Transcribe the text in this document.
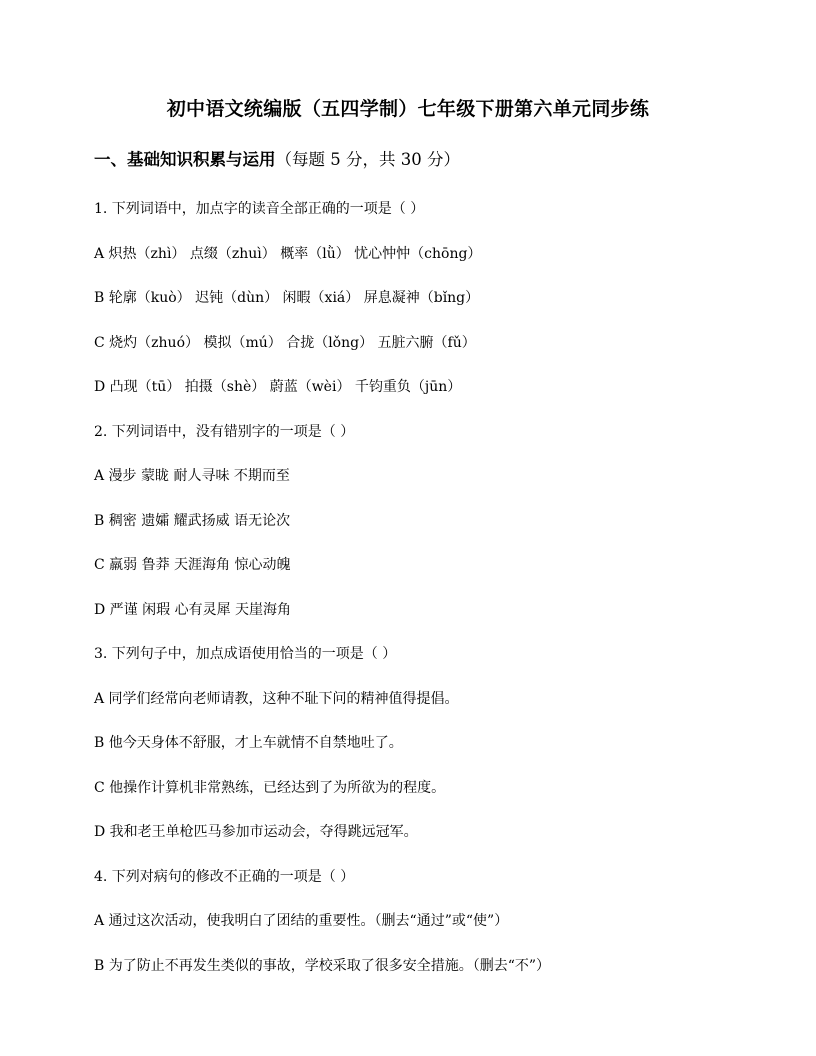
初中语文统编版（五四学制）七年级下册第六单元同步练
一、基础知识积累与运用（每题 5 分，共 30 分）
1. 下列词语中，加点字的读音全部正确的一项是（ ）
A 炽热（zhì） 点缀（zhuì） 概率（lǜ） 忧心忡忡（chōng）
B 轮廓（kuò） 迟钝（dùn） 闲暇（xiá） 屏息凝神（bǐng）
C 烧灼（zhuó） 模拟（mú） 合拢（lǒng） 五脏六腑（fǔ）
D 凸现（tū） 拍摄（shè） 蔚蓝（wèi） 千钧重负（jūn）
2. 下列词语中，没有错别字的一项是（ ）
A 漫步 蒙眬 耐人寻味 不期而至
B 稠密 遗孀 耀武扬威 语无论次
C 羸弱 鲁莽 天涯海角 惊心动魄
D 严谨 闲瑕 心有灵犀 天崖海角
3. 下列句子中，加点成语使用恰当的一项是（ ）
A 同学们经常向老师请教，这种不耻下问的精神值得提倡。
B 他今天身体不舒服，才上车就情不自禁地吐了。
C 他操作计算机非常熟练，已经达到了为所欲为的程度。
D 我和老王单枪匹马参加市运动会，夺得跳远冠军。
4. 下列对病句的修改不正确的一项是（ ）
A 通过这次活动，使我明白了团结的重要性。（删去“通过”或“使”）
B 为了防止不再发生类似的事故，学校采取了很多安全措施。（删去“不”）
